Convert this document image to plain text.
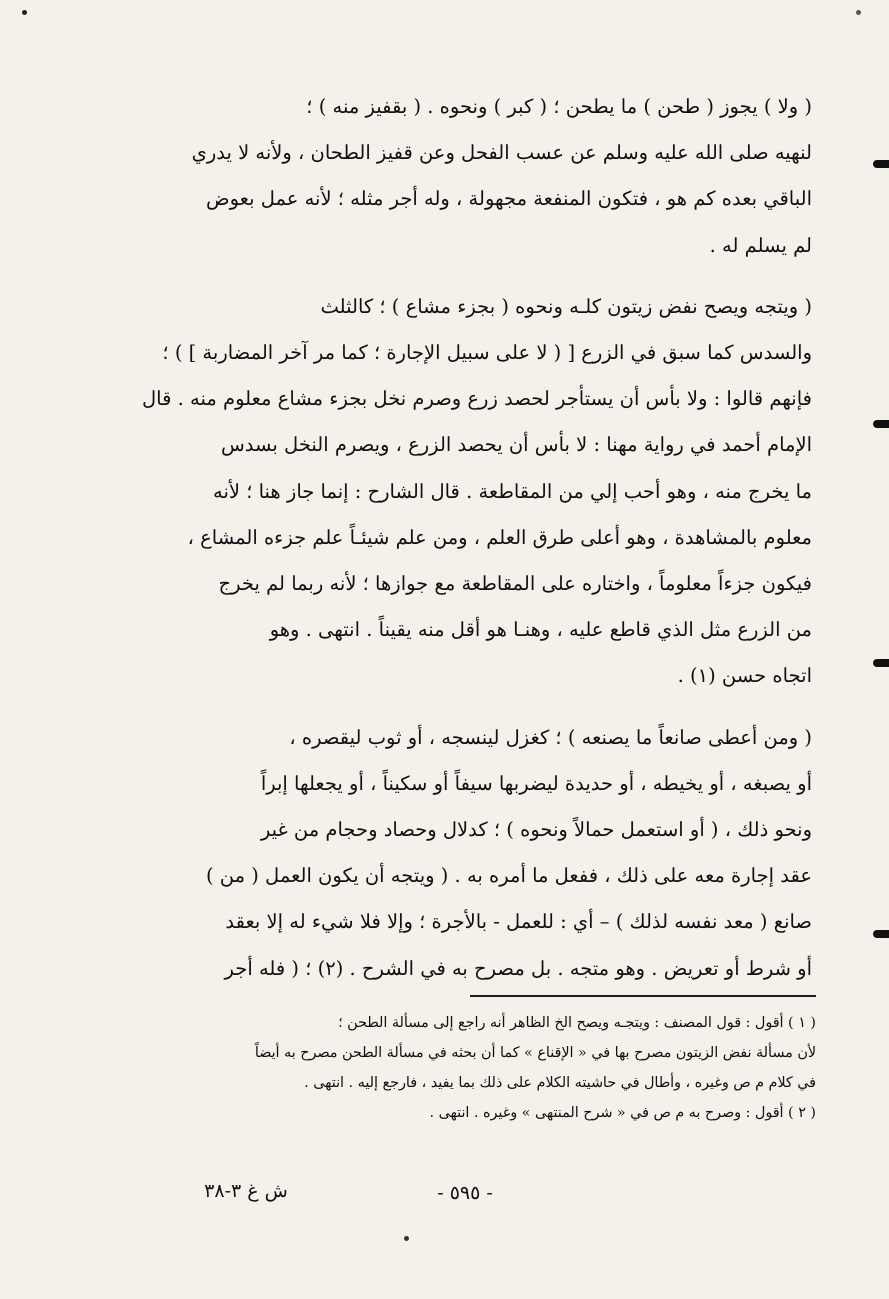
( ولا ) يجوز ( طحن ) ما يطحن ؛ ( كبر ) ونحوه . ( بقفيز منه ) ؛

لنهيه صلى الله عليه وسلم عن عسب الفحل وعن قفيز الطحان ، ولأنه لا يدري

الباقي بعده كم هو ، فتكون المنفعة مجهولة ، وله أجر مثله ؛ لأنه عمل بعوض

لم يسلم له .

( ويتجه ويصح نفض زيتون كلـه ونحوه ( بجزء مشاع ) ؛ كالثلث

والسدس كما سبق في الزرع [ ( لا على سبيل الإجارة ؛ كما مر آخر المضاربة ] ) ؛

فإنهم قالوا : ولا بأس أن يستأجر لحصد زرع وصرم نخل بجزء مشاع معلوم منه . قال

الإمام أحمد في رواية مهنا : لا بأس أن يحصد الزرع ، ويصرم النخل بسدس

ما يخرج منه ، وهو أحب إلي من المقاطعة . قال الشارح : إنما جاز هنا ؛ لأنه

معلوم بالمشاهدة ، وهو أعلى طرق العلم ، ومن علم شيئـاً علم جزءه المشاع ،

فيكون جزءاً معلوماً ، واختاره على المقاطعة مع جوازها ؛ لأنه ربما لم يخرج

من الزرع مثل الذي قاطع عليه ، وهنـا هو أقل منه يقيناً . انتهى . وهو

اتجاه حسن (١) .

( ومن أعطى صانعاً ما يصنعه ) ؛ كغزل لينسجه ، أو ثوب ليقصره ،

أو يصبغه ، أو يخيطه ، أو حديدة ليضربها سيفاً أو سكيناً ، أو يجعلها إبراً

ونحو ذلك ، ( أو استعمل حمالاً ونحوه ) ؛ كدلال وحصاد وحجام من غير

عقد إجارة معه على ذلك ، ففعل ما أمره به . ( ويتجه أن يكون العمل ( من )

صانع ( معد نفسه لذلك ) – أي : للعمل - بالأجرة ؛ وإلا فلا شيء له إلا بعقد

أو شرط أو تعريض . وهو متجه . بل مصرح به في الشرح . (٢) ؛ ( فله أجر

( ١ ) أقول : قول المصنف : ويتجـه ويصح الخ الظاهر أنه راجع إلى مسألة الطحن ؛

لأن مسألة نفض الزيتون مصرح بها في « الإقناع » كما أن بحثه في مسألة الطحن مصرح به أيضاً

في كلام م ص وغيره ، وأطال في حاشيته الكلام على ذلك بما يفيد ، فارجع إليه . انتهى .

( ٢ ) أقول : وصرح به م ص في « شرح المنتهى » وغيره . انتهى .

- ٥٩٥ -
ش غ ٣-٣٨
